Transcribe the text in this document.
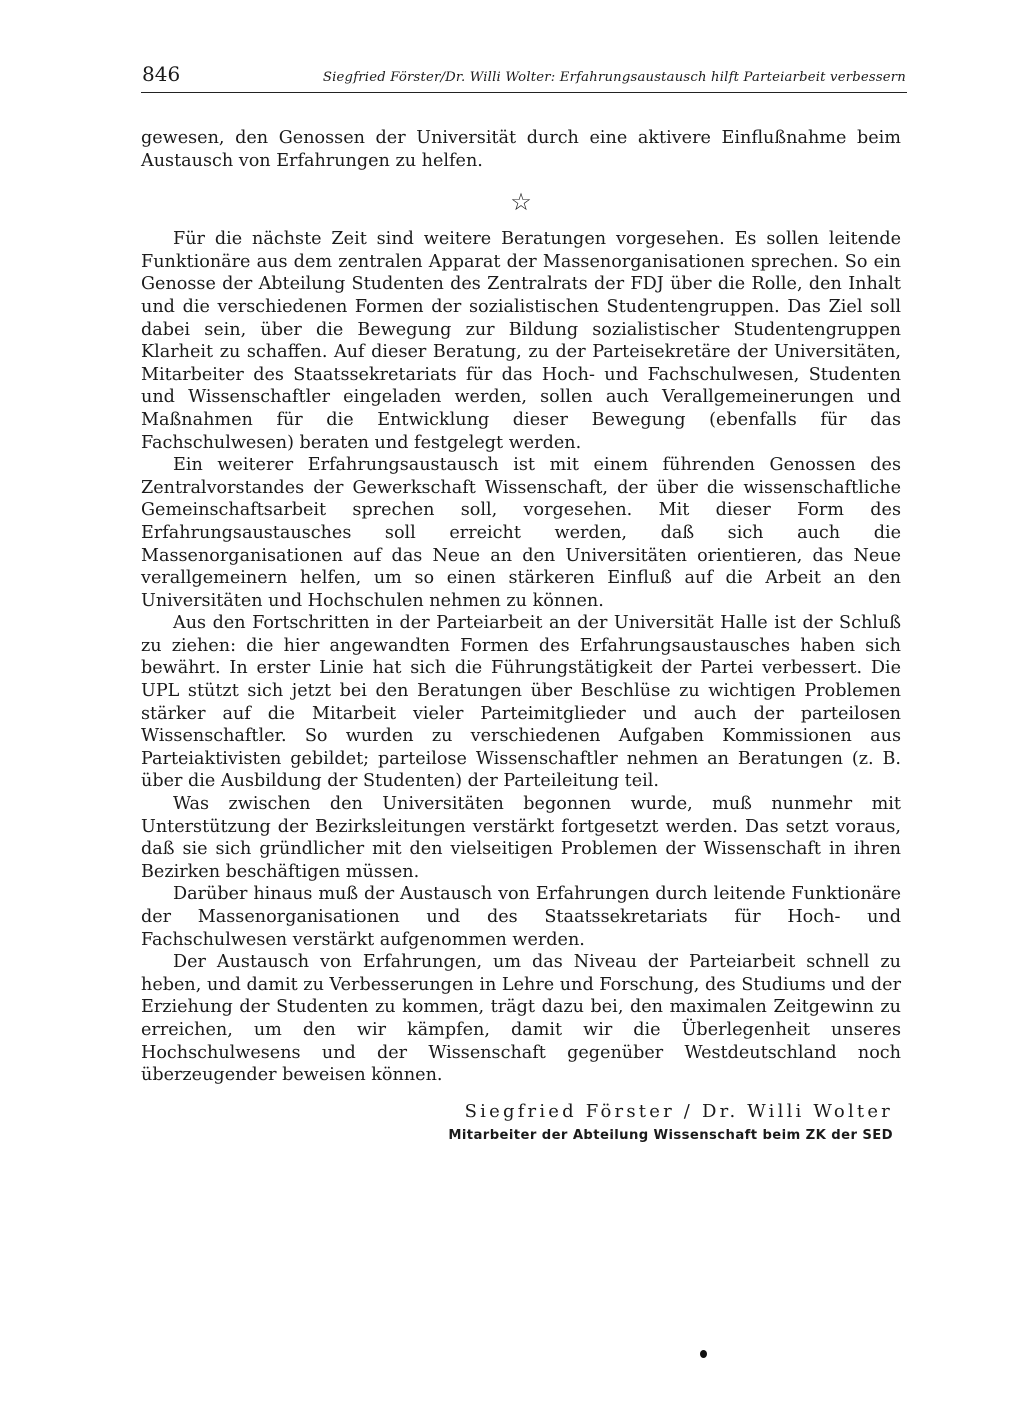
846	Siegfried Förster/Dr. Willi Wolter: Erfahrungsaustausch hilft Parteiarbeit verbessern

gewesen, den Genossen der Universität durch eine aktivere Einflußnahme beim Austausch von Erfahrungen zu helfen.

☆

Für die nächste Zeit sind weitere Beratungen vorgesehen. Es sollen leitende Funktionäre aus dem zentralen Apparat der Massenorganisationen sprechen. So ein Genosse der Abteilung Studenten des Zentralrats der FDJ über die Rolle, den Inhalt und die verschiedenen Formen der sozialistischen Studentengruppen. Das Ziel soll dabei sein, über die Bewegung zur Bildung sozialistischer Studentengruppen Klarheit zu schaffen. Auf dieser Beratung, zu der Parteisekretäre der Universitäten, Mitarbeiter des Staatssekretariats für das Hoch- und Fachschulwesen, Studenten und Wissenschaftler eingeladen werden, sollen auch Verallgemeinerungen und Maßnahmen für die Entwicklung dieser Bewegung (ebenfalls für das Fachschulwesen) beraten und festgelegt werden.

Ein weiterer Erfahrungsaustausch ist mit einem führenden Genossen des Zentralvorstandes der Gewerkschaft Wissenschaft, der über die wissenschaftliche Gemeinschaftsarbeit sprechen soll, vorgesehen. Mit dieser Form des Erfahrungsaustausches soll erreicht werden, daß sich auch die Massenorganisationen auf das Neue an den Universitäten orientieren, das Neue verallgemeinern helfen, um so einen stärkeren Einfluß auf die Arbeit an den Universitäten und Hochschulen nehmen zu können.

Aus den Fortschritten in der Parteiarbeit an der Universität Halle ist der Schluß zu ziehen: die hier angewandten Formen des Erfahrungsaustausches haben sich bewährt. In erster Linie hat sich die Führungstätigkeit der Partei verbessert. Die UPL stützt sich jetzt bei den Beratungen über Beschlüse zu wichtigen Problemen stärker auf die Mitarbeit vieler Parteimitglieder und auch der parteilosen Wissenschaftler. So wurden zu verschiedenen Aufgaben Kommissionen aus Parteiaktivisten gebildet; parteilose Wissenschaftler nehmen an Beratungen (z. B. über die Ausbildung der Studenten) der Parteileitung teil.

Was zwischen den Universitäten begonnen wurde, muß nunmehr mit Unterstützung der Bezirksleitungen verstärkt fortgesetzt werden. Das setzt voraus, daß sie sich gründlicher mit den vielseitigen Problemen der Wissenschaft in ihren Bezirken beschäftigen müssen.

Darüber hinaus muß der Austausch von Erfahrungen durch leitende Funktionäre der Massenorganisationen und des Staatssekretariats für Hoch- und Fachschulwesen verstärkt aufgenommen werden.

Der Austausch von Erfahrungen, um das Niveau der Parteiarbeit schnell zu heben, und damit zu Verbesserungen in Lehre und Forschung, des Studiums und der Erziehung der Studenten zu kommen, trägt dazu bei, den maximalen Zeitgewinn zu erreichen, um den wir kämpfen, damit wir die Überlegenheit unseres Hochschulwesens und der Wissenschaft gegenüber Westdeutschland noch überzeugender beweisen können.

Siegfried Förster / Dr. Willi Wolter
Mitarbeiter der Abteilung Wissenschaft beim ZK der SED
